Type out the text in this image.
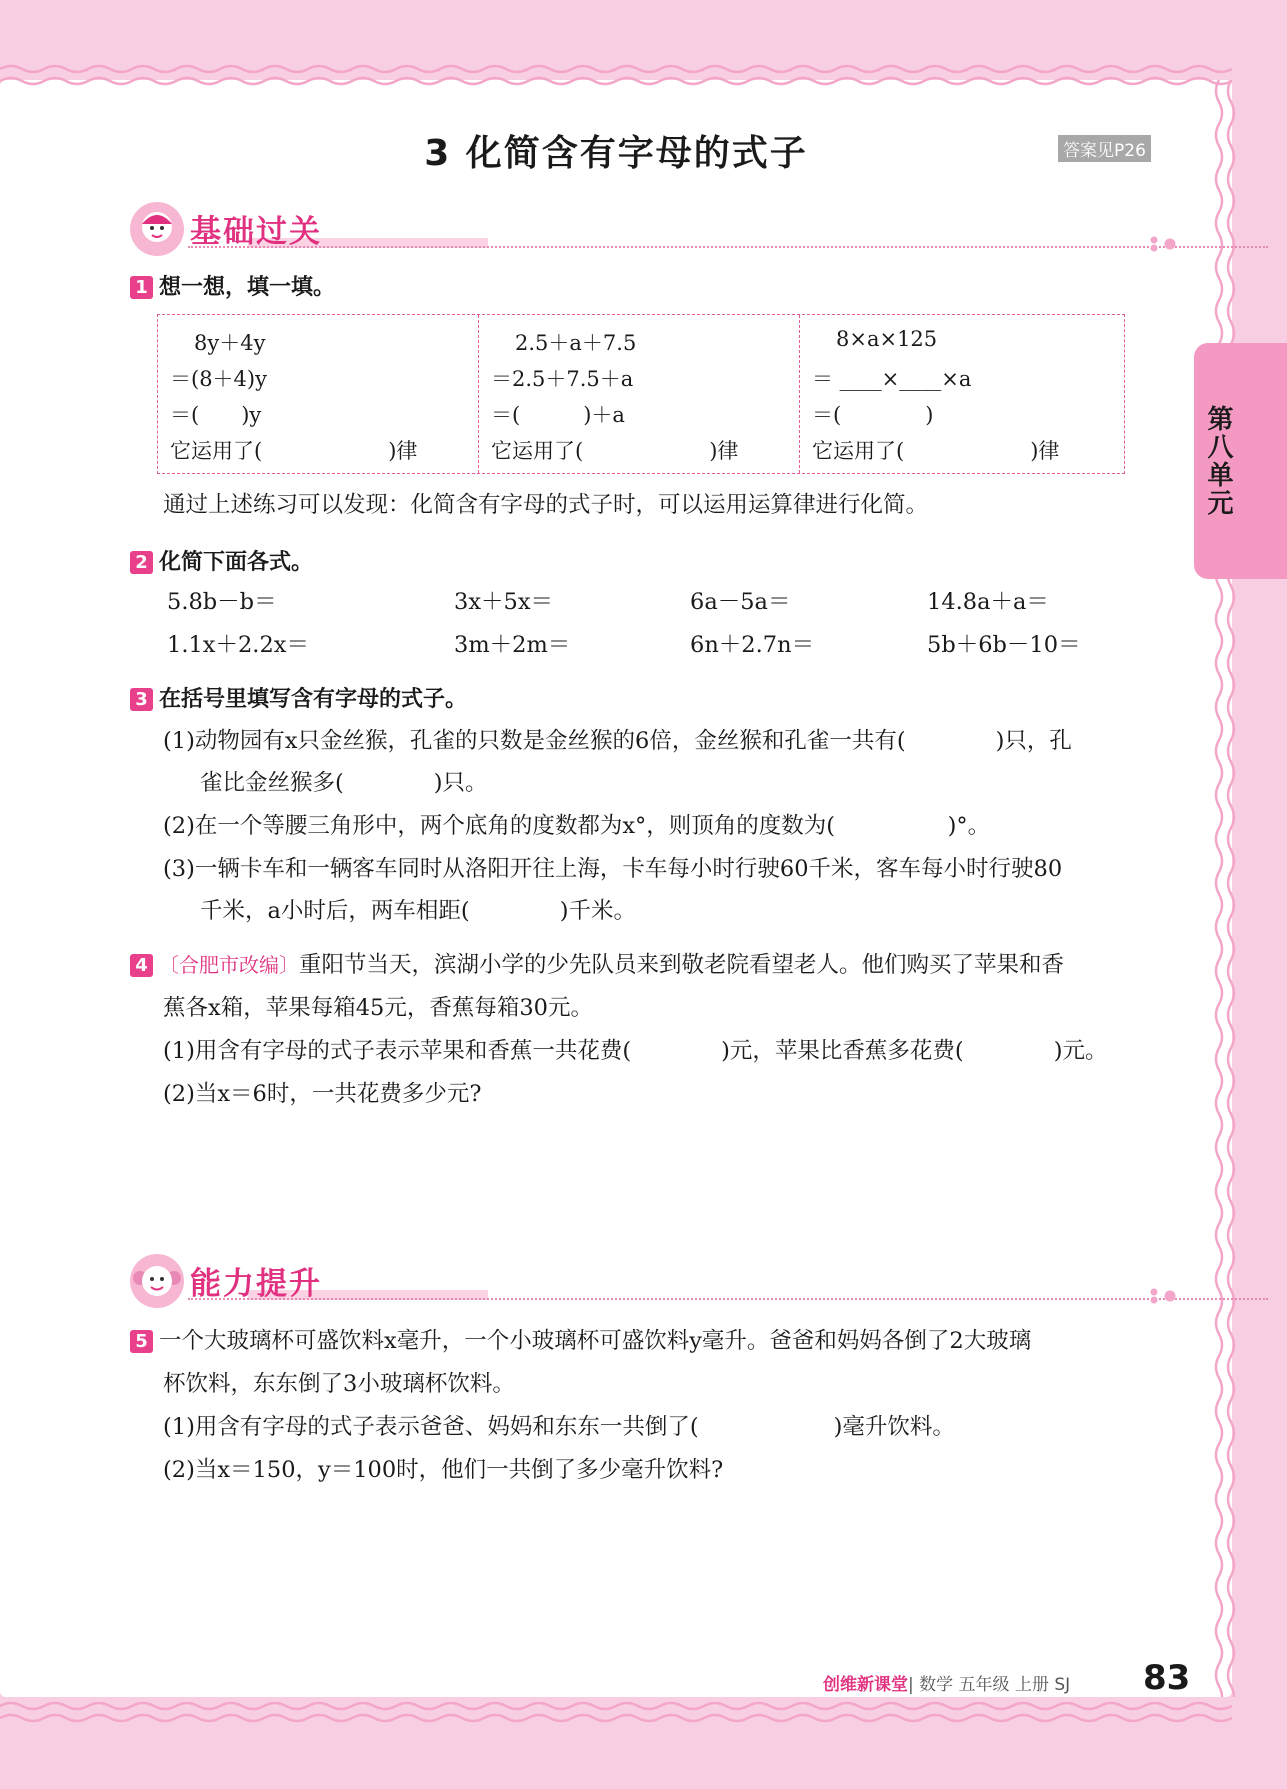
3 化简含有字母的式子	答案见P26
第八单元
基础过关
1 想一想，填一填。
8y＋4y
＝(8＋4)y
＝(　　)y
它运用了(　　　　　　)律
2.5＋a＋7.5
＝2.5＋7.5＋a
＝(　　　)＋a
它运用了(　　　　　　)律
8×a×125
＝ ____×____×a
＝(　　　　)
它运用了(　　　　　　)律
通过上述练习可以发现：化简含有字母的式子时，可以运用运算律进行化简。
2 化简下面各式。
5.8b－b＝	3x＋5x＝	6a－5a＝	14.8a＋a＝
1.1x＋2.2x＝	3m＋2m＝	6n＋2.7n＝	5b＋6b－10＝
3 在括号里填写含有字母的式子。
(1)动物园有x只金丝猴，孔雀的只数是金丝猴的6倍，金丝猴和孔雀一共有(　　　　)只，孔
雀比金丝猴多(　　　　)只。
(2)在一个等腰三角形中，两个底角的度数都为x°，则顶角的度数为(　　　　　)°。
(3)一辆卡车和一辆客车同时从洛阳开往上海，卡车每小时行驶60千米，客车每小时行驶80
千米，a小时后，两车相距(　　　　)千米。
4 〔合肥市改编〕重阳节当天，滨湖小学的少先队员来到敬老院看望老人。他们购买了苹果和香
蕉各x箱，苹果每箱45元，香蕉每箱30元。
(1)用含有字母的式子表示苹果和香蕉一共花费(　　　　)元，苹果比香蕉多花费(　　　　)元。
(2)当x＝6时，一共花费多少元?
能力提升
5 一个大玻璃杯可盛饮料x毫升，一个小玻璃杯可盛饮料y毫升。爸爸和妈妈各倒了2大玻璃
杯饮料，东东倒了3小玻璃杯饮料。
(1)用含有字母的式子表示爸爸、妈妈和东东一共倒了(　　　　　　)毫升饮料。
(2)当x＝150，y＝100时，他们一共倒了多少毫升饮料?
创维新课堂| 数学 五年级 上册 SJ 83
